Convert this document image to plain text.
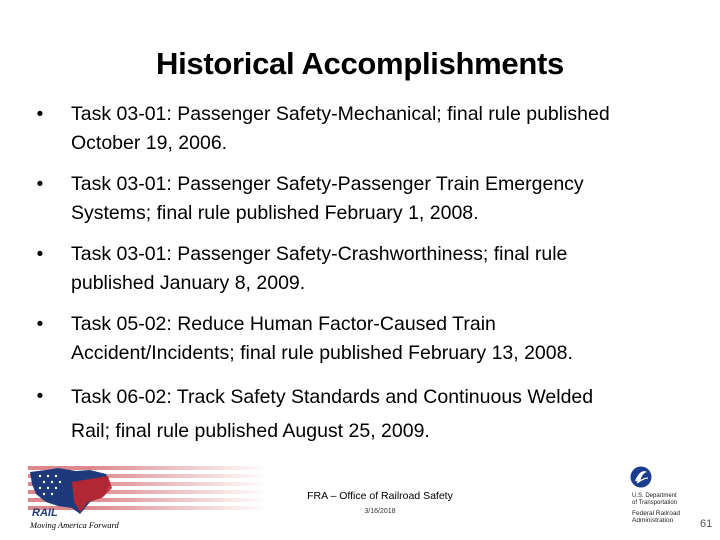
Historical Accomplishments
•	Task 03-01: Passenger Safety-Mechanical; final rule published
October 19, 2006.
•	Task 03-01: Passenger Safety-Passenger Train Emergency
Systems; final rule published February 1, 2008.
•	Task 03-01: Passenger Safety-Crashworthiness; final rule
published January 8, 2009.
•	Task 05-02: Reduce Human Factor-Caused Train
Accident/Incidents; final rule published February 13, 2008.
•	Task 06-02: Track Safety Standards and Continuous Welded
Rail; final rule published August 25, 2009.
RAIL
Moving America Forward
FRA – Office of Railroad Safety
3/16/2018
U.S. Department
of Transportation
Federal Railroad
Administration	61
